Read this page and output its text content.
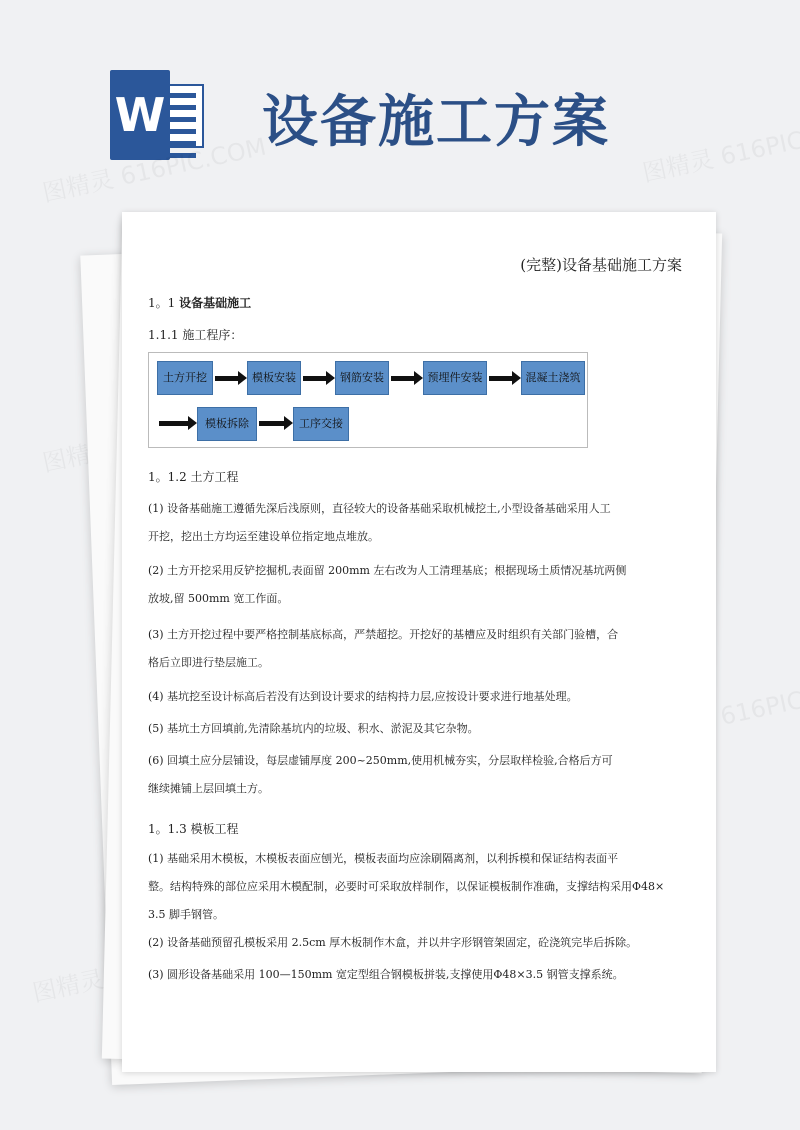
W 设备施工方案
(完整)设备基础施工方案
1。1 设备基础施工
1.1.1 施工程序：
土方开挖	模板安装	钢筋安装	预埋件安装	混凝土浇筑
模板拆除	工序交接
1。1.2 土方工程
(1) 设备基础施工遵循先深后浅原则，直径较大的设备基础采取机械挖土,小型设备基础采用人工
开挖，挖出土方均运至建设单位指定地点堆放。
(2) 土方开挖采用反铲挖掘机,表面留 200mm 左右改为人工清理基底；根据现场土质情况基坑两侧
放坡,留 500mm 宽工作面。
(3) 土方开挖过程中要严格控制基底标高，严禁超挖。开挖好的基槽应及时组织有关部门验槽，合
格后立即进行垫层施工。
(4) 基坑挖至设计标高后若没有达到设计要求的结构持力层,应按设计要求进行地基处理。
(5) 基坑土方回填前,先清除基坑内的垃圾、积水、淤泥及其它杂物。
(6) 回填土应分层铺设，每层虚铺厚度 200~250mm,使用机械夯实，分层取样检验,合格后方可
继续摊铺上层回填土方。
1。1.3 模板工程
(1) 基础采用木模板，木模板表面应刨光，模板表面均应涂刷隔离剂，以利拆模和保证结构表面平
整。结构特殊的部位应采用木模配制，必要时可采取放样制作，以保证模板制作准确，支撑结构采用Φ48×
3.5 脚手钢管。
(2) 设备基础预留孔模板采用 2.5cm 厚木板制作木盒，并以井字形钢管架固定，砼浇筑完毕后拆除。
(3) 圆形设备基础采用 100—150mm 宽定型组合钢模板拼装,支撑使用Φ48×3.5 钢管支撑系统。
